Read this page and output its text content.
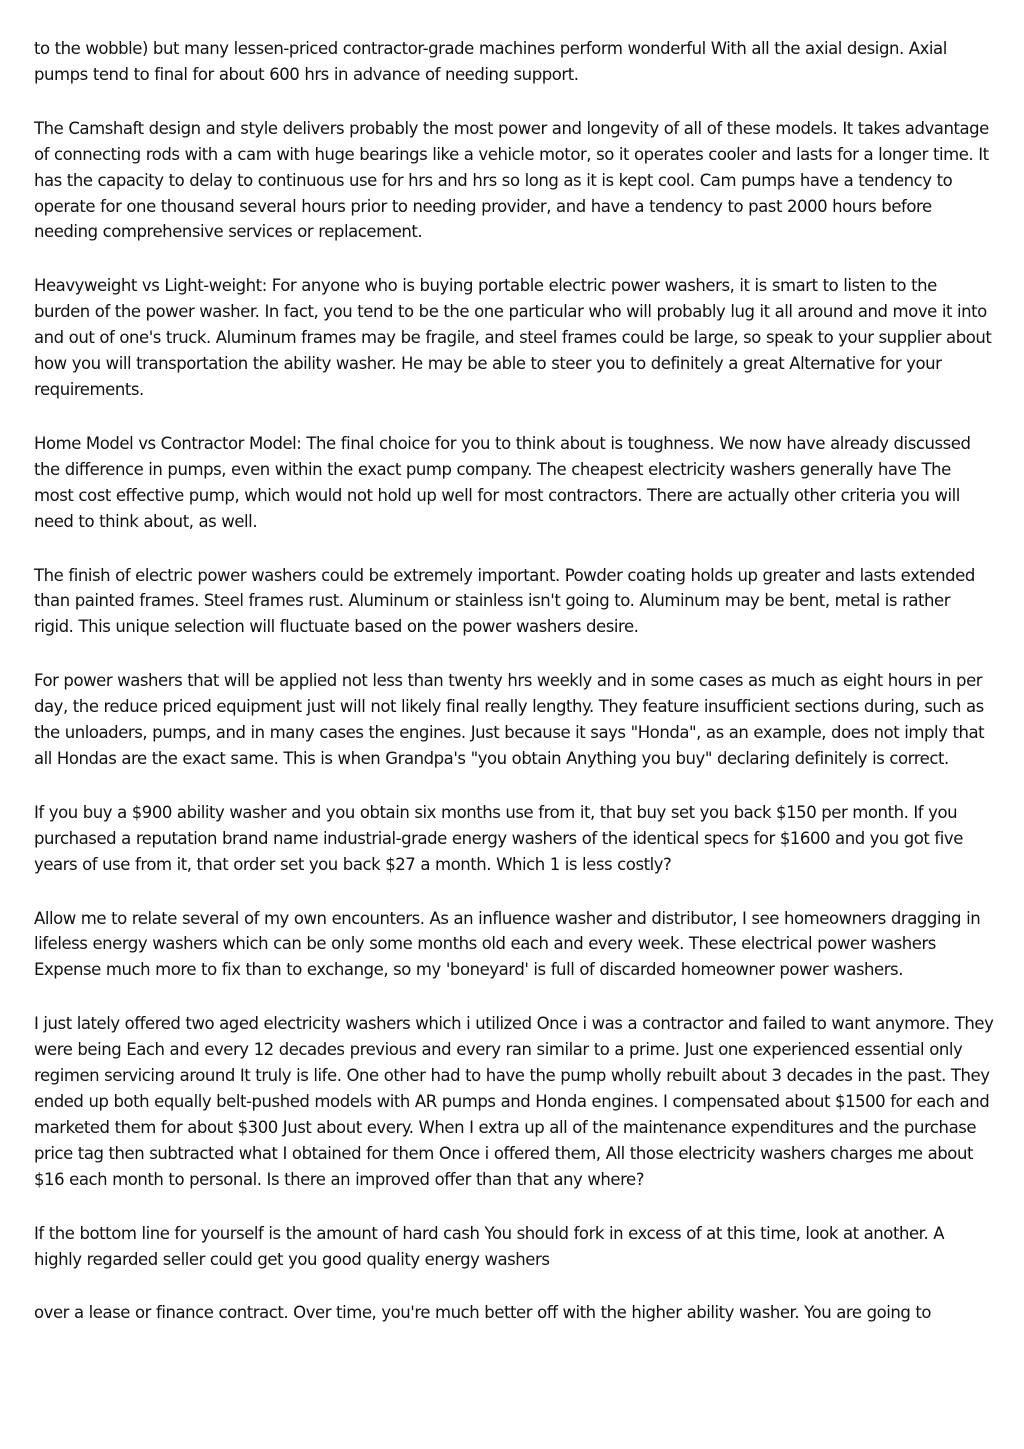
to the wobble) but many lessen-priced contractor-grade machines perform wonderful With all the axial design. Axial pumps tend to final for about 600 hrs in advance of needing support.

The Camshaft design and style delivers probably the most power and longevity of all of these models. It takes advantage of connecting rods with a cam with huge bearings like a vehicle motor, so it operates cooler and lasts for a longer time. It has the capacity to delay to continuous use for hrs and hrs so long as it is kept cool. Cam pumps have a tendency to operate for one thousand several hours prior to needing provider, and have a tendency to past 2000 hours before needing comprehensive services or replacement.

Heavyweight vs Light-weight: For anyone who is buying portable electric power washers, it is smart to listen to the burden of the power washer. In fact, you tend to be the one particular who will probably lug it all around and move it into and out of one's truck. Aluminum frames may be fragile, and steel frames could be large, so speak to your supplier about how you will transportation the ability washer. He may be able to steer you to definitely a great Alternative for your requirements.

Home Model vs Contractor Model: The final choice for you to think about is toughness. We now have already discussed the difference in pumps, even within the exact pump company. The cheapest electricity washers generally have The most cost effective pump, which would not hold up well for most contractors. There are actually other criteria you will need to think about, as well.

The finish of electric power washers could be extremely important. Powder coating holds up greater and lasts extended than painted frames. Steel frames rust. Aluminum or stainless isn't going to. Aluminum may be bent, metal is rather rigid. This unique selection will fluctuate based on the power washers desire.

For power washers that will be applied not less than twenty hrs weekly and in some cases as much as eight hours in per day, the reduce priced equipment just will not likely final really lengthy. They feature insufficient sections during, such as the unloaders, pumps, and in many cases the engines. Just because it says "Honda", as an example, does not imply that all Hondas are the exact same. This is when Grandpa's "you obtain Anything you buy" declaring definitely is correct.

If you buy a $900 ability washer and you obtain six months use from it, that buy set you back $150 per month. If you purchased a reputation brand name industrial-grade energy washers of the identical specs for $1600 and you got five years of use from it, that order set you back $27 a month. Which 1 is less costly?

Allow me to relate several of my own encounters. As an influence washer and distributor, I see homeowners dragging in lifeless energy washers which can be only some months old each and every week. These electrical power washers Expense much more to fix than to exchange, so my 'boneyard' is full of discarded homeowner power washers.

I just lately offered two aged electricity washers which i utilized Once i was a contractor and failed to want anymore. They were being Each and every 12 decades previous and every ran similar to a prime. Just one experienced essential only regimen servicing around It truly is life. One other had to have the pump wholly rebuilt about 3 decades in the past. They ended up both equally belt-pushed models with AR pumps and Honda engines. I compensated about $1500 for each and marketed them for about $300 Just about every. When I extra up all of the maintenance expenditures and the purchase price tag then subtracted what I obtained for them Once i offered them, All those electricity washers charges me about $16 each month to personal. Is there an improved offer than that any where?

If the bottom line for yourself is the amount of hard cash You should fork in excess of at this time, look at another. A highly regarded seller could get you good quality energy washers

over a lease or finance contract. Over time, you're much better off with the higher ability washer. You are going to
